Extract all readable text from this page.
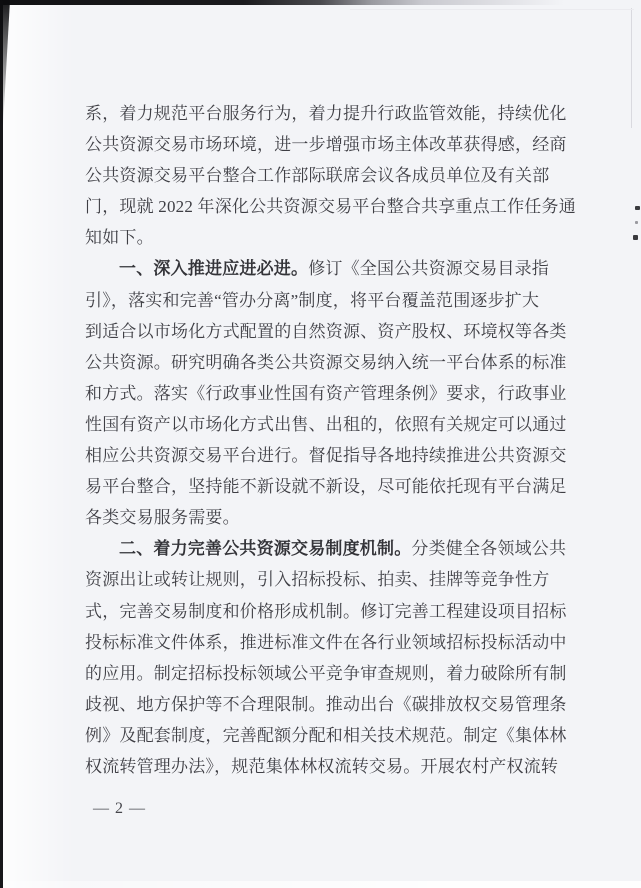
系，着力规范平台服务行为，着力提升行政监管效能，持续优化
公共资源交易市场环境，进一步增强市场主体改革获得感，经商
公共资源交易平台整合工作部际联席会议各成员单位及有关部
门，现就 2022 年深化公共资源交易平台整合共享重点工作任务通
知如下。
一、深入推进应进必进。修订《全国公共资源交易目录指
引》，落实和完善“管办分离”制度，将平台覆盖范围逐步扩大
到适合以市场化方式配置的自然资源、资产股权、环境权等各类
公共资源。研究明确各类公共资源交易纳入统一平台体系的标准
和方式。落实《行政事业性国有资产管理条例》要求，行政事业
性国有资产以市场化方式出售、出租的，依照有关规定可以通过
相应公共资源交易平台进行。督促指导各地持续推进公共资源交
易平台整合，坚持能不新设就不新设，尽可能依托现有平台满足
各类交易服务需要。
二、着力完善公共资源交易制度机制。分类健全各领域公共
资源出让或转让规则，引入招标投标、拍卖、挂牌等竞争性方
式，完善交易制度和价格形成机制。修订完善工程建设项目招标
投标标准文件体系，推进标准文件在各行业领域招标投标活动中
的应用。制定招标投标领域公平竞争审查规则，着力破除所有制
歧视、地方保护等不合理限制。推动出台《碳排放权交易管理条
例》及配套制度，完善配额分配和相关技术规范。制定《集体林
权流转管理办法》，规范集体林权流转交易。开展农村产权流转
— 2 —
